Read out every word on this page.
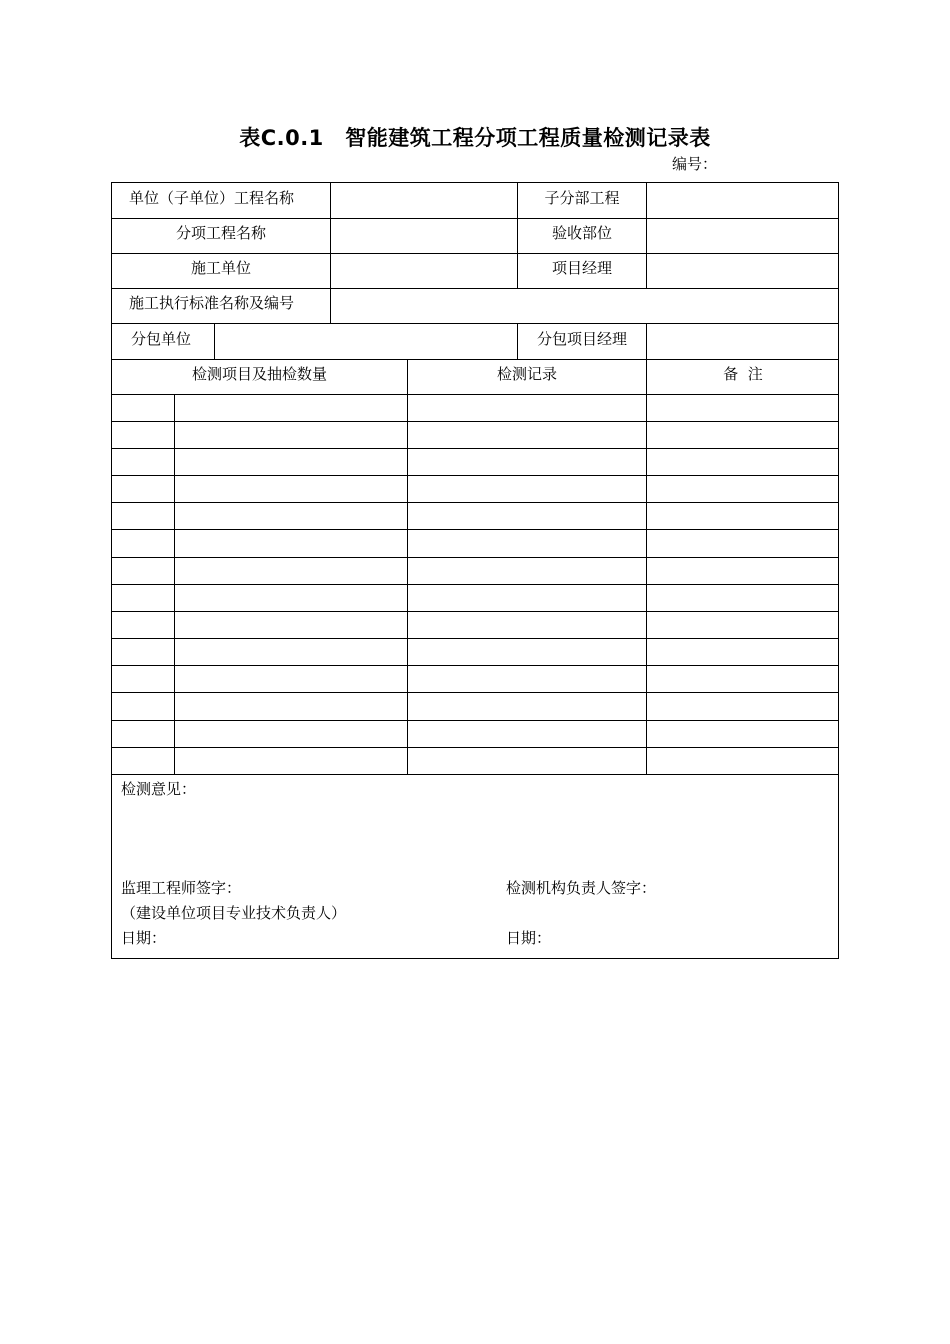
表C.0.1　智能建筑工程分项工程质量检测记录表
编号：
单位（子单位）工程名称	子分部工程
分项工程名称	验收部位
施工单位	项目经理
施工执行标准名称及编号
分包单位	分包项目经理
检测项目及抽检数量	检测记录	备  注
检测意见：
监理工程师签字：
（建设单位项目专业技术负责人）
日期：
检测机构负责人签字：
日期：
